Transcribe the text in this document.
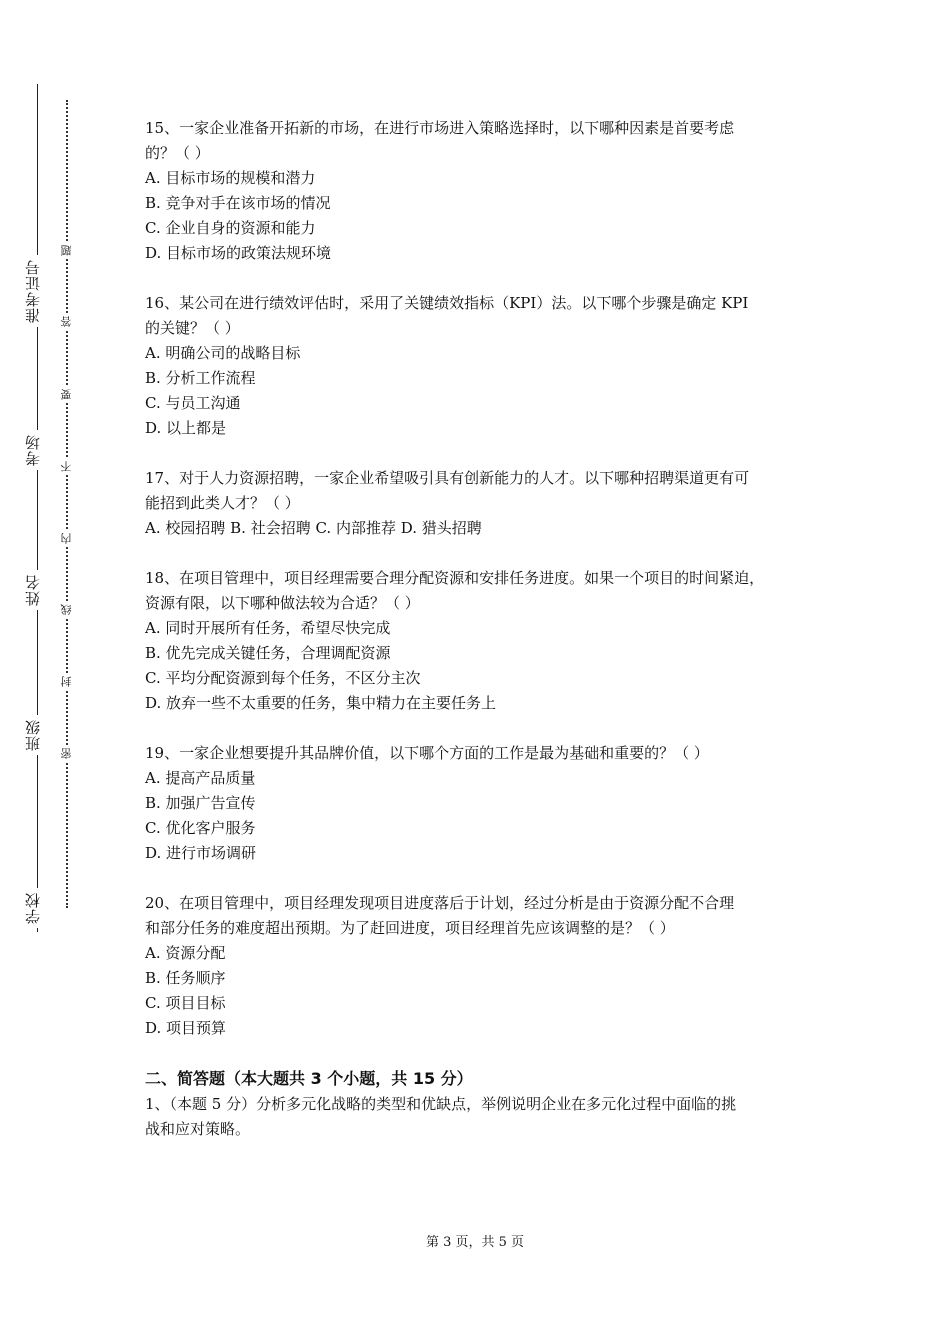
准考证号
考场
姓名
班级
学校
题
答
要
不
内
线
封
密
15、一家企业准备开拓新的市场，在进行市场进入策略选择时，以下哪种因素是首要考虑
的？（ ）
A. 目标市场的规模和潜力
B. 竞争对手在该市场的情况
C. 企业自身的资源和能力
D. 目标市场的政策法规环境
16、某公司在进行绩效评估时，采用了关键绩效指标（KPI）法。以下哪个步骤是确定 KPI
的关键？（ ）
A. 明确公司的战略目标
B. 分析工作流程
C. 与员工沟通
D. 以上都是
17、对于人力资源招聘，一家企业希望吸引具有创新能力的人才。以下哪种招聘渠道更有可
能招到此类人才？（ ）
A. 校园招聘 B. 社会招聘 C. 内部推荐 D. 猎头招聘
18、在项目管理中，项目经理需要合理分配资源和安排任务进度。如果一个项目的时间紧迫，
资源有限，以下哪种做法较为合适？（ ）
A. 同时开展所有任务，希望尽快完成
B. 优先完成关键任务，合理调配资源
C. 平均分配资源到每个任务，不区分主次
D. 放弃一些不太重要的任务，集中精力在主要任务上
19、一家企业想要提升其品牌价值，以下哪个方面的工作是最为基础和重要的？（ ）
A. 提高产品质量
B. 加强广告宣传
C. 优化客户服务
D. 进行市场调研
20、在项目管理中，项目经理发现项目进度落后于计划，经过分析是由于资源分配不合理
和部分任务的难度超出预期。为了赶回进度，项目经理首先应该调整的是？（ ）
A. 资源分配
B. 任务顺序
C. 项目目标
D. 项目预算
二、简答题（本大题共 3 个小题，共 15 分）
1、（本题 5 分）分析多元化战略的类型和优缺点，举例说明企业在多元化过程中面临的挑
战和应对策略。
第 3 页，共 5 页
